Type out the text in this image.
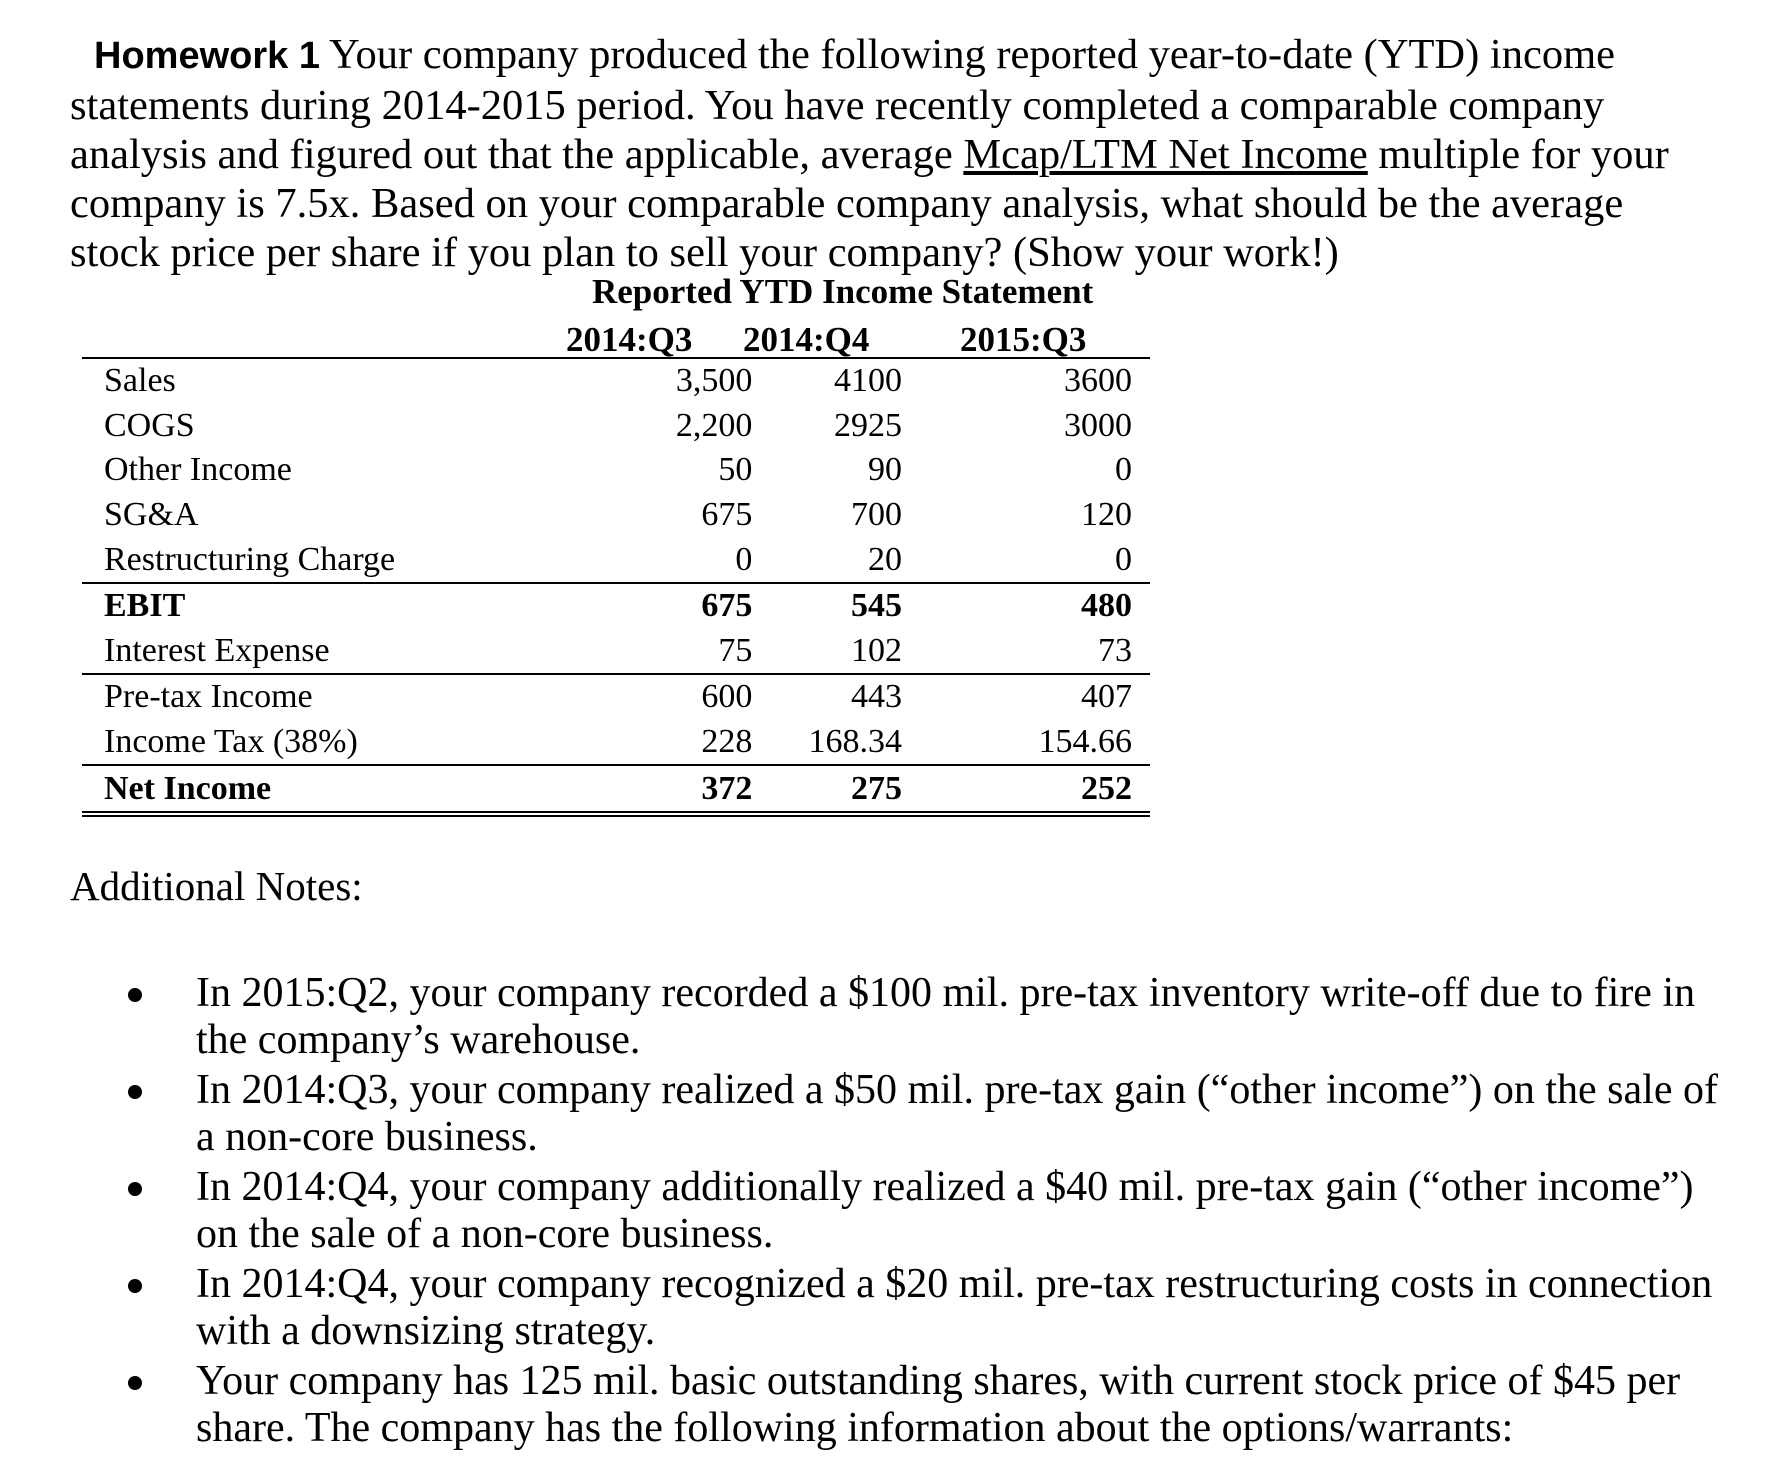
Homework 1 Your company produced the following reported year-to-date (YTD) income statements during 2014-2015 period. You have recently completed a comparable company analysis and figured out that the applicable, average Mcap/LTM Net Income multiple for your company is 7.5x. Based on your comparable company analysis, what should be the average stock price per share if you plan to sell your company? (Show your work!)
Reported YTD Income Statement
2014:Q3 2014:Q4	2015:Q3
Sales	3,500	4100	3600
COGS	2,200	2925	3000
Other Income	50	90	0
SG&A	675	700	120
Restructuring Charge	0	20	0
EBIT	675	545	480
Interest Expense	75	102	73
Pre-tax Income	600	443	407
Income Tax (38%)	228	168.34	154.66
Net Income	372	275	252
Additional Notes:
In 2015:Q2, your company recorded a $100 mil. pre-tax inventory write-off due to fire in the company’s warehouse.
In 2014:Q3, your company realized a $50 mil. pre-tax gain (“other income”) on the sale of a non-core business.
In 2014:Q4, your company additionally realized a $40 mil. pre-tax gain (“other income”) on the sale of a non-core business.
In 2014:Q4, your company recognized a $20 mil. pre-tax restructuring costs in connection with a downsizing strategy.
Your company has 125 mil. basic outstanding shares, with current stock price of $45 per share. The company has the following information about the options/warrants:
